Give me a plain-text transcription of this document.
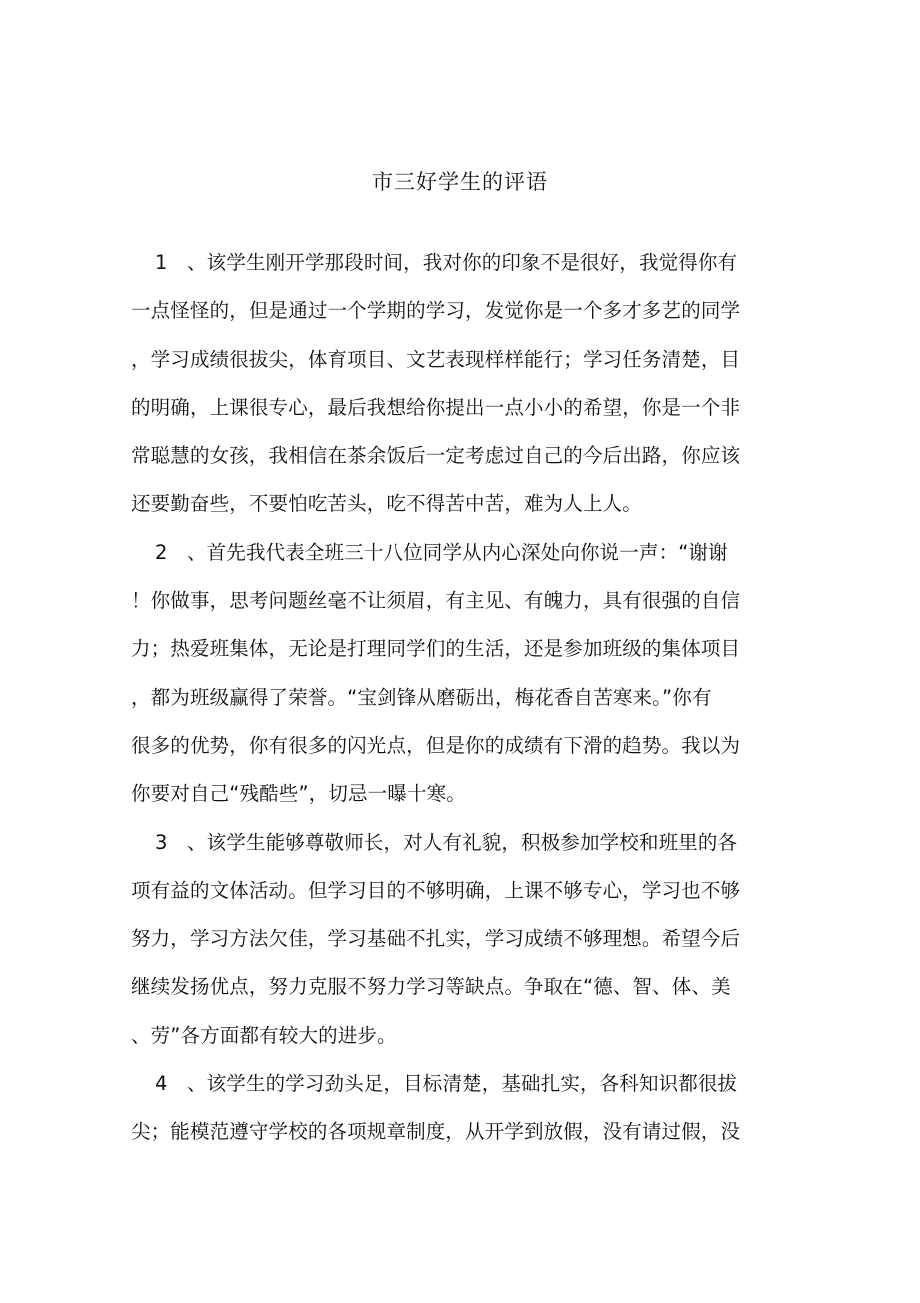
市三好学生的评语
1 、该学生刚开学那段时间，我对你的印象不是很好，我觉得你有
一点怪怪的，但是通过一个学期的学习，发觉你是一个多才多艺的同学
，学习成绩很拔尖，体育项目、文艺表现样样能行；学习任务清楚，目
的明确，上课很专心，最后我想给你提出一点小小的希望，你是一个非
常聪慧的女孩，我相信在茶余饭后一定考虑过自己的今后出路，你应该
还要勤奋些，不要怕吃苦头，吃不得苦中苦，难为人上人。
2 、首先我代表全班三十八位同学从内心深处向你说一声：“谢谢
！你做事，思考问题丝毫不让须眉，有主见、有魄力，具有很强的自信
力；热爱班集体，无论是打理同学们的生活，还是参加班级的集体项目
，都为班级赢得了荣誉。“宝剑锋从磨砺出，梅花香自苦寒来。”你有
很多的优势，你有很多的闪光点，但是你的成绩有下滑的趋势。我以为
你要对自己“残酷些”，切忌一曝十寒。
3 、该学生能够尊敬师长，对人有礼貌，积极参加学校和班里的各
项有益的文体活动。但学习目的不够明确，上课不够专心，学习也不够
努力，学习方法欠佳，学习基础不扎实，学习成绩不够理想。希望今后
继续发扬优点，努力克服不努力学习等缺点。争取在“德、智、体、美
、劳”各方面都有较大的进步。
4 、该学生的学习劲头足，目标清楚，基础扎实，各科知识都很拔
尖；能模范遵守学校的各项规章制度，从开学到放假，没有请过假，没
